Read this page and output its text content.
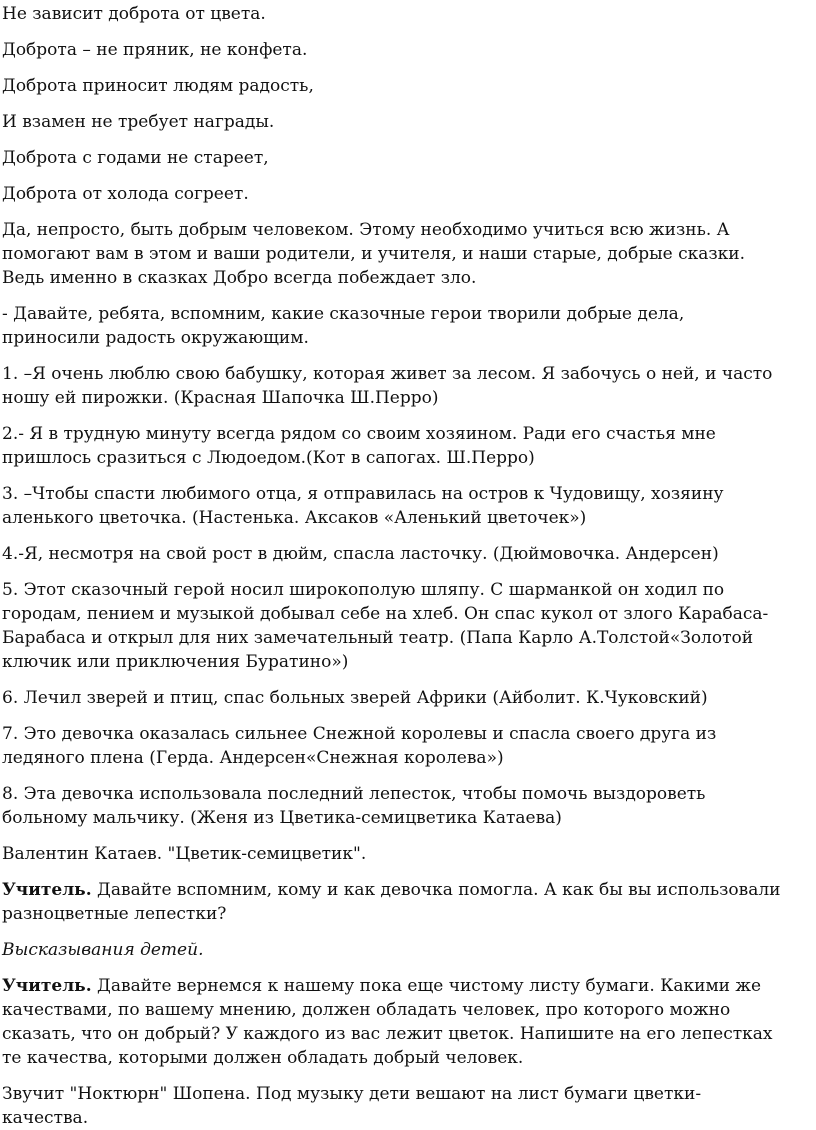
Не зависит доброта от цвета.
Доброта – не пряник, не конфета.
Доброта приносит людям радость,
И взамен не требует награды.
Доброта с годами не стареет,
Доброта от холода согреет.
Да, непросто, быть добрым человеком. Этому необходимо учиться всю жизнь. А
помогают вам в этом и ваши родители, и учителя, и наши старые, добрые сказки.
Ведь именно в сказках Добро всегда побеждает зло.
- Давайте, ребята, вспомним, какие сказочные герои творили добрые дела,
приносили радость окружающим.
1. –Я очень люблю свою бабушку, которая живет за лесом. Я забочусь о ней, и часто
ношу ей пирожки. (Красная Шапочка Ш.Перро)
2.- Я в трудную минуту всегда рядом со своим хозяином. Ради его счастья мне
пришлось сразиться с Людоедом.(Кот в сапогах. Ш.Перро)
3. –Чтобы спасти любимого отца, я отправилась на остров к Чудовищу, хозяину
аленького цветочка. (Настенька. Аксаков «Аленький цветочек»)
4.-Я, несмотря на свой рост в дюйм, спасла ласточку. (Дюймовочка. Андерсен)
5. Этот сказочный герой носил широкополую шляпу. С шарманкой он ходил по
городам, пением и музыкой добывал себе на хлеб. Он спас кукол от злого Карабаса-
Барабаса и открыл для них замечательный театр. (Папа Карло А.Толстой«Золотой
ключик или приключения Буратино»)
6. Лечил зверей и птиц, спас больных зверей Африки (Айболит. К.Чуковский)
7. Это девочка оказалась сильнее Снежной королевы и спасла своего друга из
ледяного плена (Герда. Андерсен«Снежная королева»)
8. Эта девочка использовала последний лепесток, чтобы помочь выздороветь
больному мальчику. (Женя из Цветика-семицветика Катаева)
Валентин Катаев. "Цветик-семицветик".
Учитель. Давайте вспомним, кому и как девочка помогла. А как бы вы использовали
разноцветные лепестки?
Высказывания детей.
Учитель. Давайте вернемся к нашему пока еще чистому листу бумаги. Какими же
качествами, по вашему мнению, должен обладать человек, про которого можно
сказать, что он добрый? У каждого из вас лежит цветок. Напишите на его лепестках
те качества, которыми должен обладать добрый человек.
Звучит "Ноктюрн" Шопена. Под музыку дети вешают на лист бумаги цветки-
качества.
